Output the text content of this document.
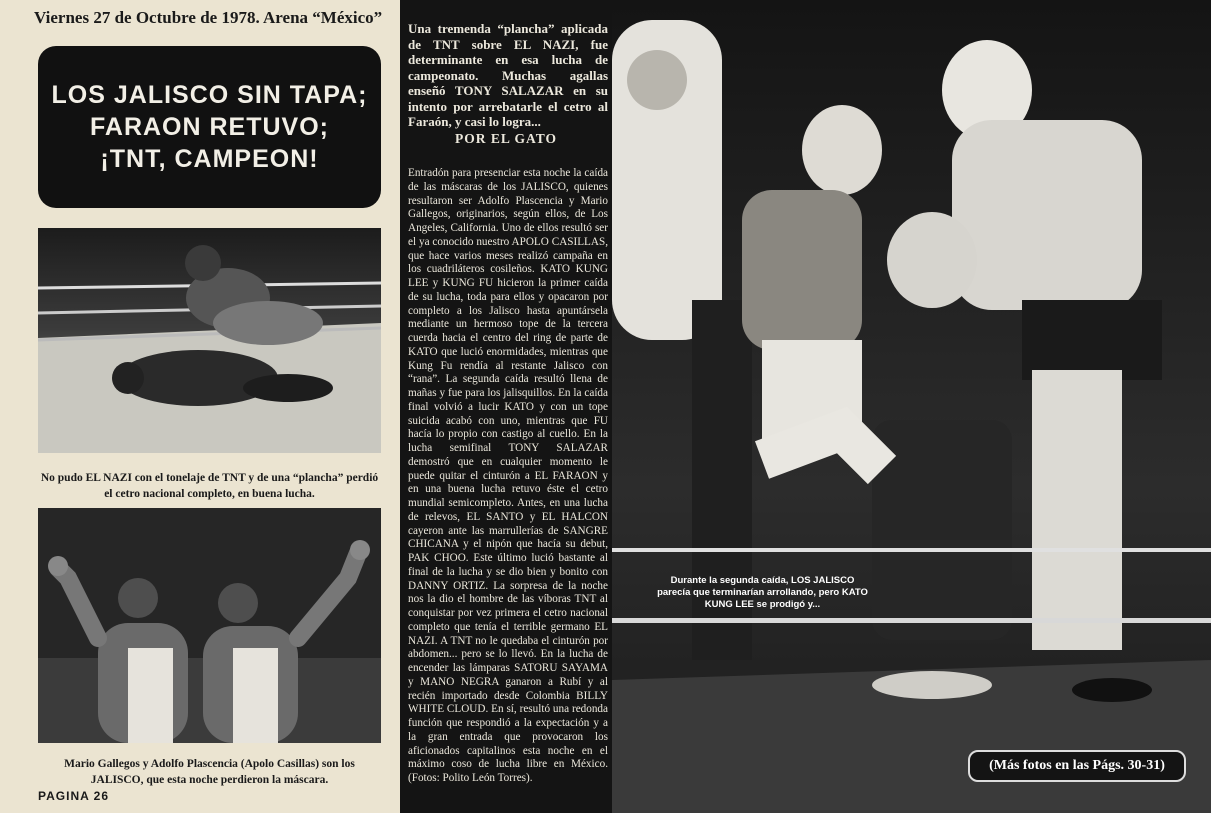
Viernes 27 de Octubre de 1978. Arena “México”
LOS JALISCO SIN TAPA;
FARAON RETUVO;
¡TNT, CAMPEON!
No pudo EL NAZI con el tonelaje de TNT y de una “plancha” perdió el cetro nacional completo, en buena lucha.
Mario Gallegos y Adolfo Plascencia (Apolo Casillas) son los JALISCO, que esta noche perdieron la máscara.
PAGINA 26

Una tremenda “plancha” aplicada de TNT sobre EL NAZI, fue determinante en esa lucha de campeonato. Muchas agallas enseñó TONY SALAZAR en su intento por arrebatarle el cetro al Faraón, y casi lo logra...

POR EL GATO

Entradón para presenciar esta noche la caída de las máscaras de los JALISCO, quienes resultaron ser Adolfo Plascencia y Mario Gallegos, originarios, según ellos, de Los Angeles, California. Uno de ellos resultó ser el ya conocido nuestro APOLO CASILLAS, que hace varios meses realizó campaña en los cuadriláteros cosileños. KATO KUNG LEE y KUNG FU hicieron la primer caída de su lucha, toda para ellos y opacaron por completo a los Jalisco hasta apuntársela mediante un hermoso tope de la tercera cuerda hacia el centro del ring de parte de KATO que lució enormidades, mientras que Kung Fu rendía al restante Jalisco con “rana”. La segunda caída resultó llena de mañas y fue para los jalisquillos. En la caída final volvió a lucir KATO y con un tope suicida acabó con uno, mientras que FU hacía lo propio con castigo al cuello. En la lucha semifinal TONY SALAZAR demostró que en cualquier momento le puede quitar el cinturón a EL FARAON y en una buena lucha retuvo éste el cetro mundial semicompleto. Antes, en una lucha de relevos, EL SANTO y EL HALCON cayeron ante las marrullerías de SANGRE CHICANA y el nipón que hacía su debut, PAK CHOO. Este último lució bastante al final de la lucha y se dio bien y bonito con DANNY ORTIZ. La sorpresa de la noche nos la dio el hombre de las víboras TNT al conquistar por vez primera el cetro nacional completo que tenía el terrible germano EL NAZI. A TNT no le quedaba el cinturón por abdomen... pero se lo llevó. En la lucha de encender las lámparas SATORU SAYAMA y MANO NEGRA ganaron a Rubí y al recién importado desde Colombia BILLY WHITE CLOUD. En sí, resultó una redonda función que respondió a la expectación y a la gran entrada que provocaron los aficionados capitalinos esta noche en el máximo coso de lucha libre en México. (Fotos: Polito León Torres).

Durante la segunda caída, LOS JALISCO parecía que terminarían arrollando, pero KATO KUNG LEE se prodigó y...
(Más fotos en las Págs. 30-31)
